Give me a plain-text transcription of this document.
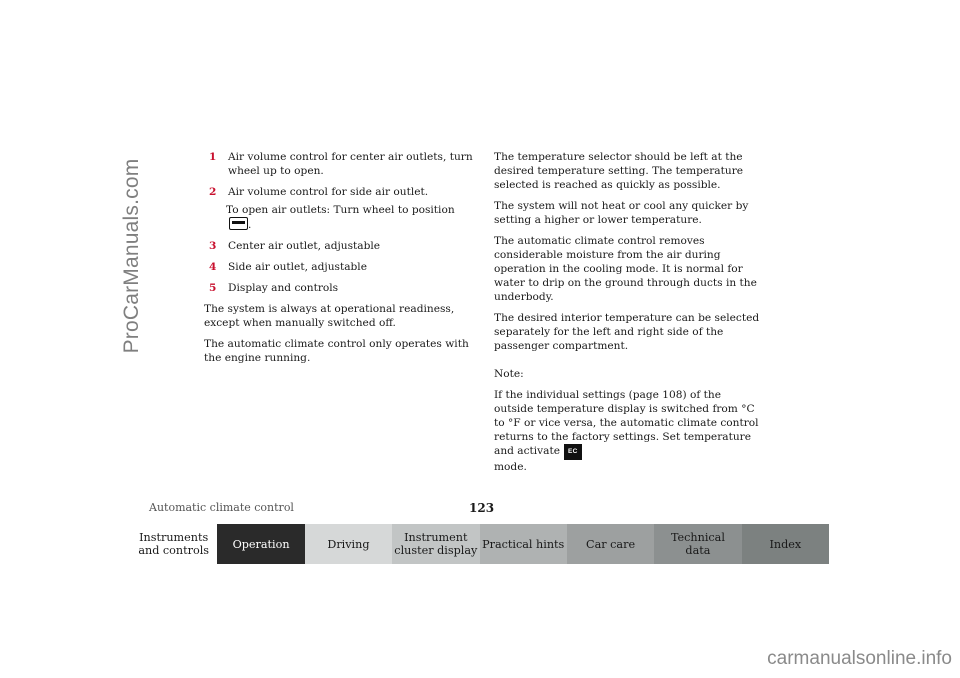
ProCarManuals.com
1	Air volume control for center air outlets, turn wheel up to open.
2	Air volume control for side air outlet.

To open air outlets: Turn wheel to position.

3	Center air outlet, adjustable
4	Side air outlet, adjustable
5	Display and controls

The system is always at operational readiness, except when manually switched off.

The automatic climate control only operates with the engine running.

The temperature selector should be left at the desired temperature setting. The temperature selected is reached as quickly as possible.

The system will not heat or cool any quicker by setting a higher or lower temperature.

The automatic climate control removes considerable moisture from the air during operation in the cooling mode. It is normal for water to drip on the ground through ducts in the underbody.

The desired interior temperature can be selected separately for the left and right side of the passenger compartment.

Note:

If the individual settings (page 108) of the outside temperature display is switched from °C to °F or vice versa, the automatic climate control returns to the factory settings. Set temperature and activate EC
mode.

Automatic climate control	123
Instruments
and controls Operation	Driving	Instrument
cluster display Practical hints Car care	Technical
data	Index
carmanualsonline.info
